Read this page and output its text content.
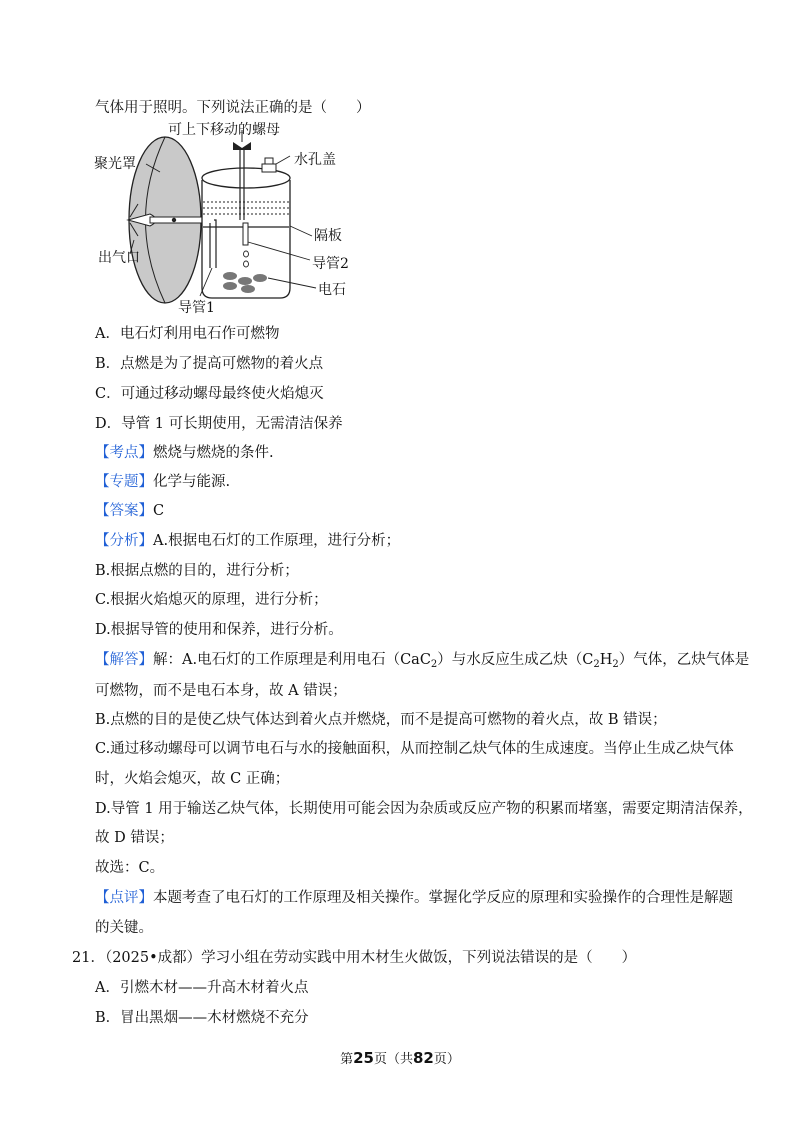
气体用于照明。下列说法正确的是（　　）
可上下移动的螺母
聚光罩	水孔盖
隔板
出气口	导管2
电石
导管1
A．电石灯利用电石作可燃物
B．点燃是为了提高可燃物的着火点
C．可通过移动螺母最终使火焰熄灭
D．导管 1 可长期使用，无需清洁保养
【考点】燃烧与燃烧的条件.
【专题】化学与能源.
【答案】C
【分析】A.根据电石灯的工作原理，进行分析；
B.根据点燃的目的，进行分析；
C.根据火焰熄灭的原理，进行分析；
D.根据导管的使用和保养，进行分析。
【解答】解：A.电石灯的工作原理是利用电石（CaC$_2$）与水反应生成乙炔$(C_2H_2)$气体，乙炔气体是
可燃物，而不是电石本身，故 A 错误；
B.点燃的目的是使乙炔气体达到着火点并燃烧，而不是提高可燃物的着火点，故 B 错误；
C.通过移动螺母可以调节电石与水的接触面积，从而控制乙炔气体的生成速度。当停止生成乙炔气体
时，火焰会熄灭，故 C 正确；
D.导管 1 用于输送乙炔气体，长期使用可能会因为杂质或反应产物的积累而堵塞，需要定期清洁保养，
故 D 错误；
故选：C。
【点评】本题考查了电石灯的工作原理及相关操作。掌握化学反应的原理和实验操作的合理性是解题
的关键。
21．（2025•成都）学习小组在劳动实践中用木材生火做饭，下列说法错误的是（　　）
A．引燃木材——升高木材着火点
B．冒出黑烟——木材燃烧不充分
第25页（共82页）
